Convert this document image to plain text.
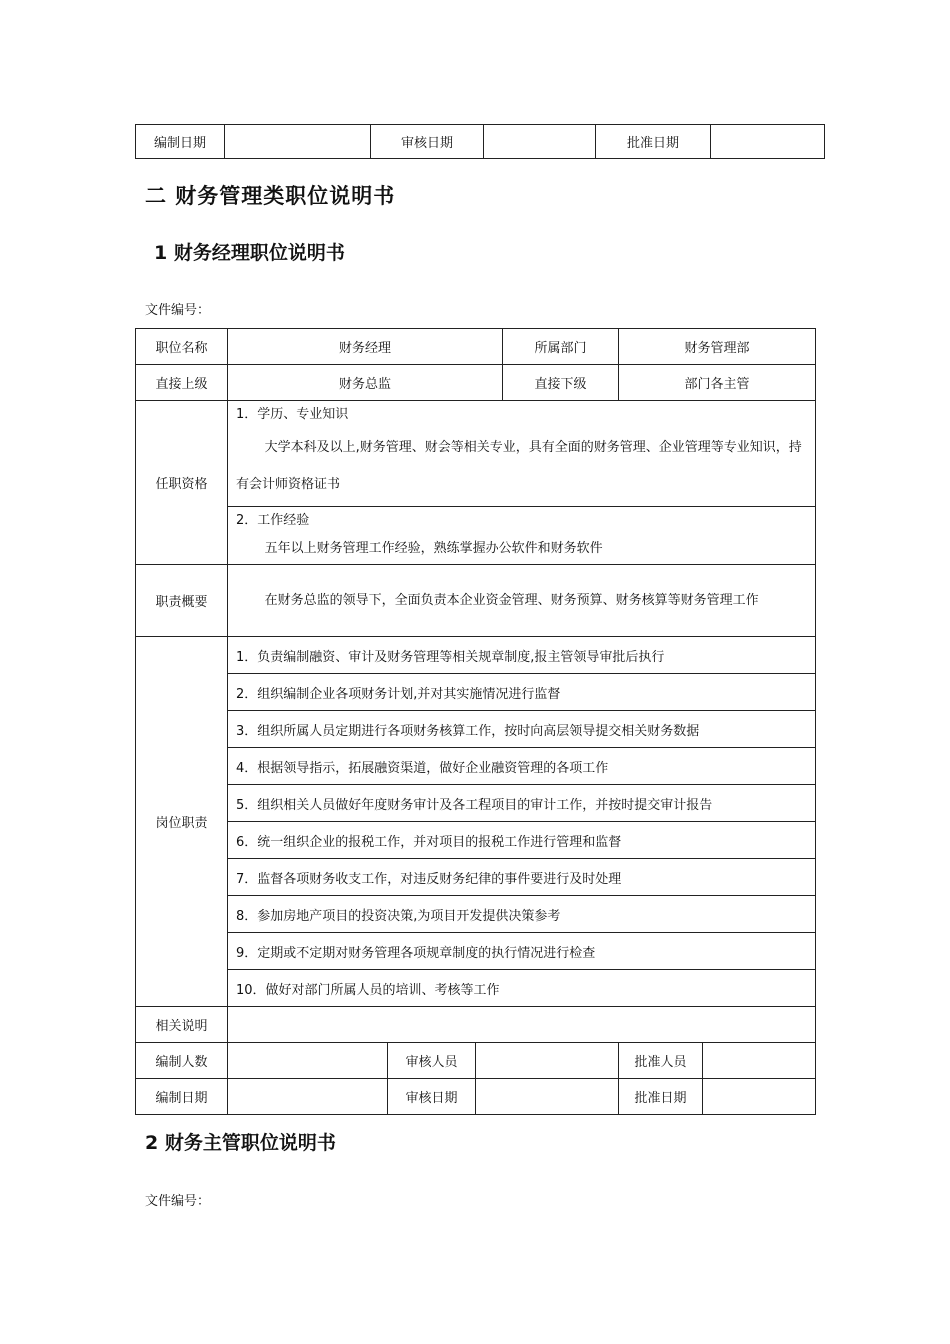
编制日期		审核日期		批准日期	
二 财务管理类职位说明书
1 财务经理职位说明书
文件编号：
职位名称	财务经理			所属部门	财务管理部	
直接上级	财务总监			直接下级	部门各主管	
任职资格	1．学历、专业知识
大学本科及以上,财务管理、财会等相关专业，具有全面的财务管理、企业管理等专业知识，持有会计师资格证书					

	2．工作经验
五年以上财务管理工作经验，熟练掌握办公软件和财务软件					

职责概要	在财务总监的领导下，全面负责本企业资金管理、财务预算、财务核算等财务管理工作					

岗位职责	1．负责编制融资、审计及财务管理等相关规章制度,报主管领导审批后执行					
	2．组织编制企业各项财务计划,并对其实施情况进行监督					
	3．组织所属人员定期进行各项财务核算工作，按时向高层领导提交相关财务数据					
	4．根据领导指示，拓展融资渠道，做好企业融资管理的各项工作					
	5．组织相关人员做好年度财务审计及各工程项目的审计工作，并按时提交审计报告					
	6．统一组织企业的报税工作，并对项目的报税工作进行管理和监督					
	7．监督各项财务收支工作，对违反财务纪律的事件要进行及时处理					
	8．参加房地产项目的投资决策,为项目开发提供决策参考					
	9．定期或不定期对财务管理各项规章制度的执行情况进行检查					
	10．做好对部门所属人员的培训、考核等工作					
相关说明						
编制人数		审核人员			批准人员	
编制日期		审核日期			批准日期	
2 财务主管职位说明书
文件编号：
